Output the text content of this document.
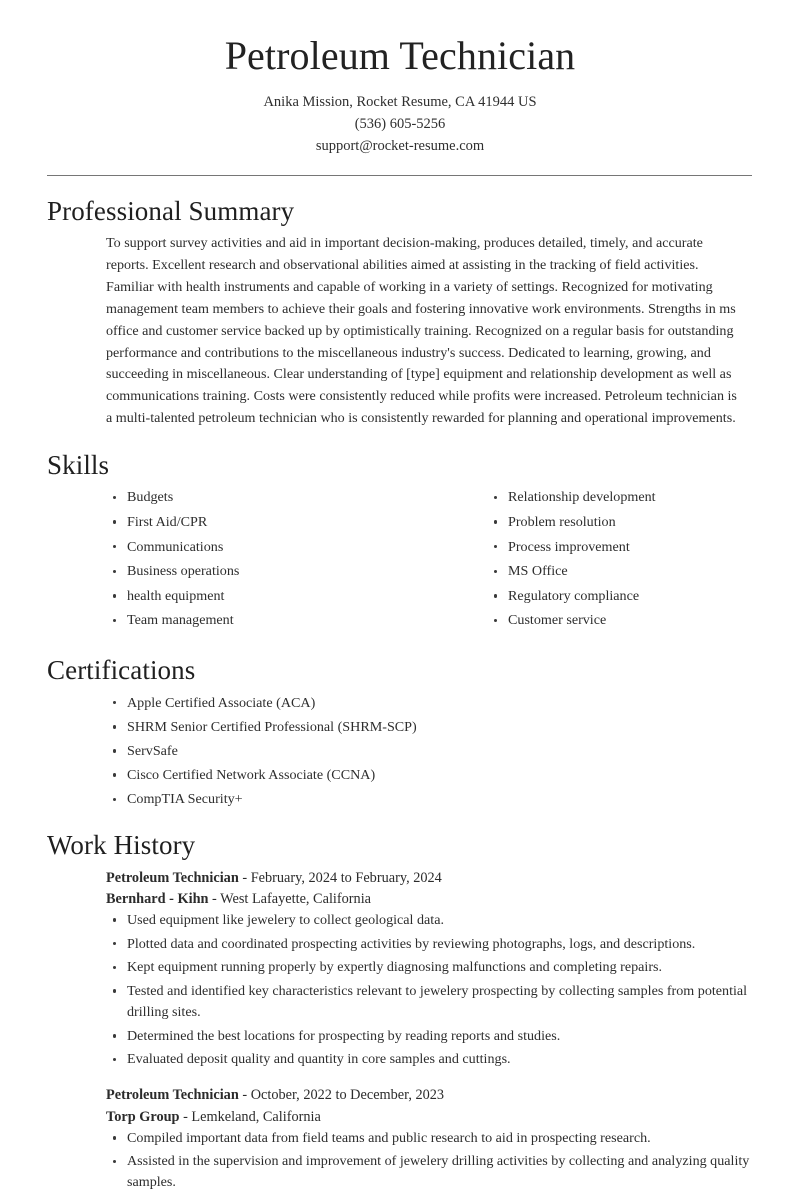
Petroleum Technician

Anika Mission, Rocket Resume, CA 41944 US

(536) 605-5256

support@rocket-resume.com

Professional Summary

To support survey activities and aid in important decision-making, produces detailed, timely, and accurate reports. Excellent research and observational abilities aimed at assisting in the tracking of field activities. Familiar with health instruments and capable of working in a variety of settings. Recognized for motivating management team members to achieve their goals and fostering innovative work environments. Strengths in ms office and customer service backed up by optimistically training. Recognized on a regular basis for outstanding performance and contributions to the miscellaneous industry's success. Dedicated to learning, growing, and succeeding in miscellaneous. Clear understanding of [type] equipment and relationship development as well as communications training. Costs were consistently reduced while profits were increased. Petroleum technician is a multi-talented petroleum technician who is consistently rewarded for planning and operational improvements.

Skills
Budgets
First Aid/CPR
Communications
Business operations
health equipment
Team management
Relationship development
Problem resolution
Process improvement
MS Office
Regulatory compliance
Customer service
Certifications
Apple Certified Associate (ACA)
SHRM Senior Certified Professional (SHRM-SCP)
ServSafe
Cisco Certified Network Associate (CCNA)
CompTIA Security+
Work History

Petroleum Technician - February, 2024 to February, 2024

Bernhard - Kihn - West Lafayette, California

Used equipment like jewelery to collect geological data.
Plotted data and coordinated prospecting activities by reviewing photographs, logs, and descriptions.
Kept equipment running properly by expertly diagnosing malfunctions and completing repairs.
Tested and identified key characteristics relevant to jewelery prospecting by collecting samples from potential drilling sites.
Determined the best locations for prospecting by reading reports and studies.
Evaluated deposit quality and quantity in core samples and cuttings.

Petroleum Technician - October, 2022 to December, 2023

Torp Group - Lemkeland, California

Compiled important data from field teams and public research to aid in prospecting research.
Assisted in the supervision and improvement of jewelery drilling activities by collecting and analyzing quality samples.
